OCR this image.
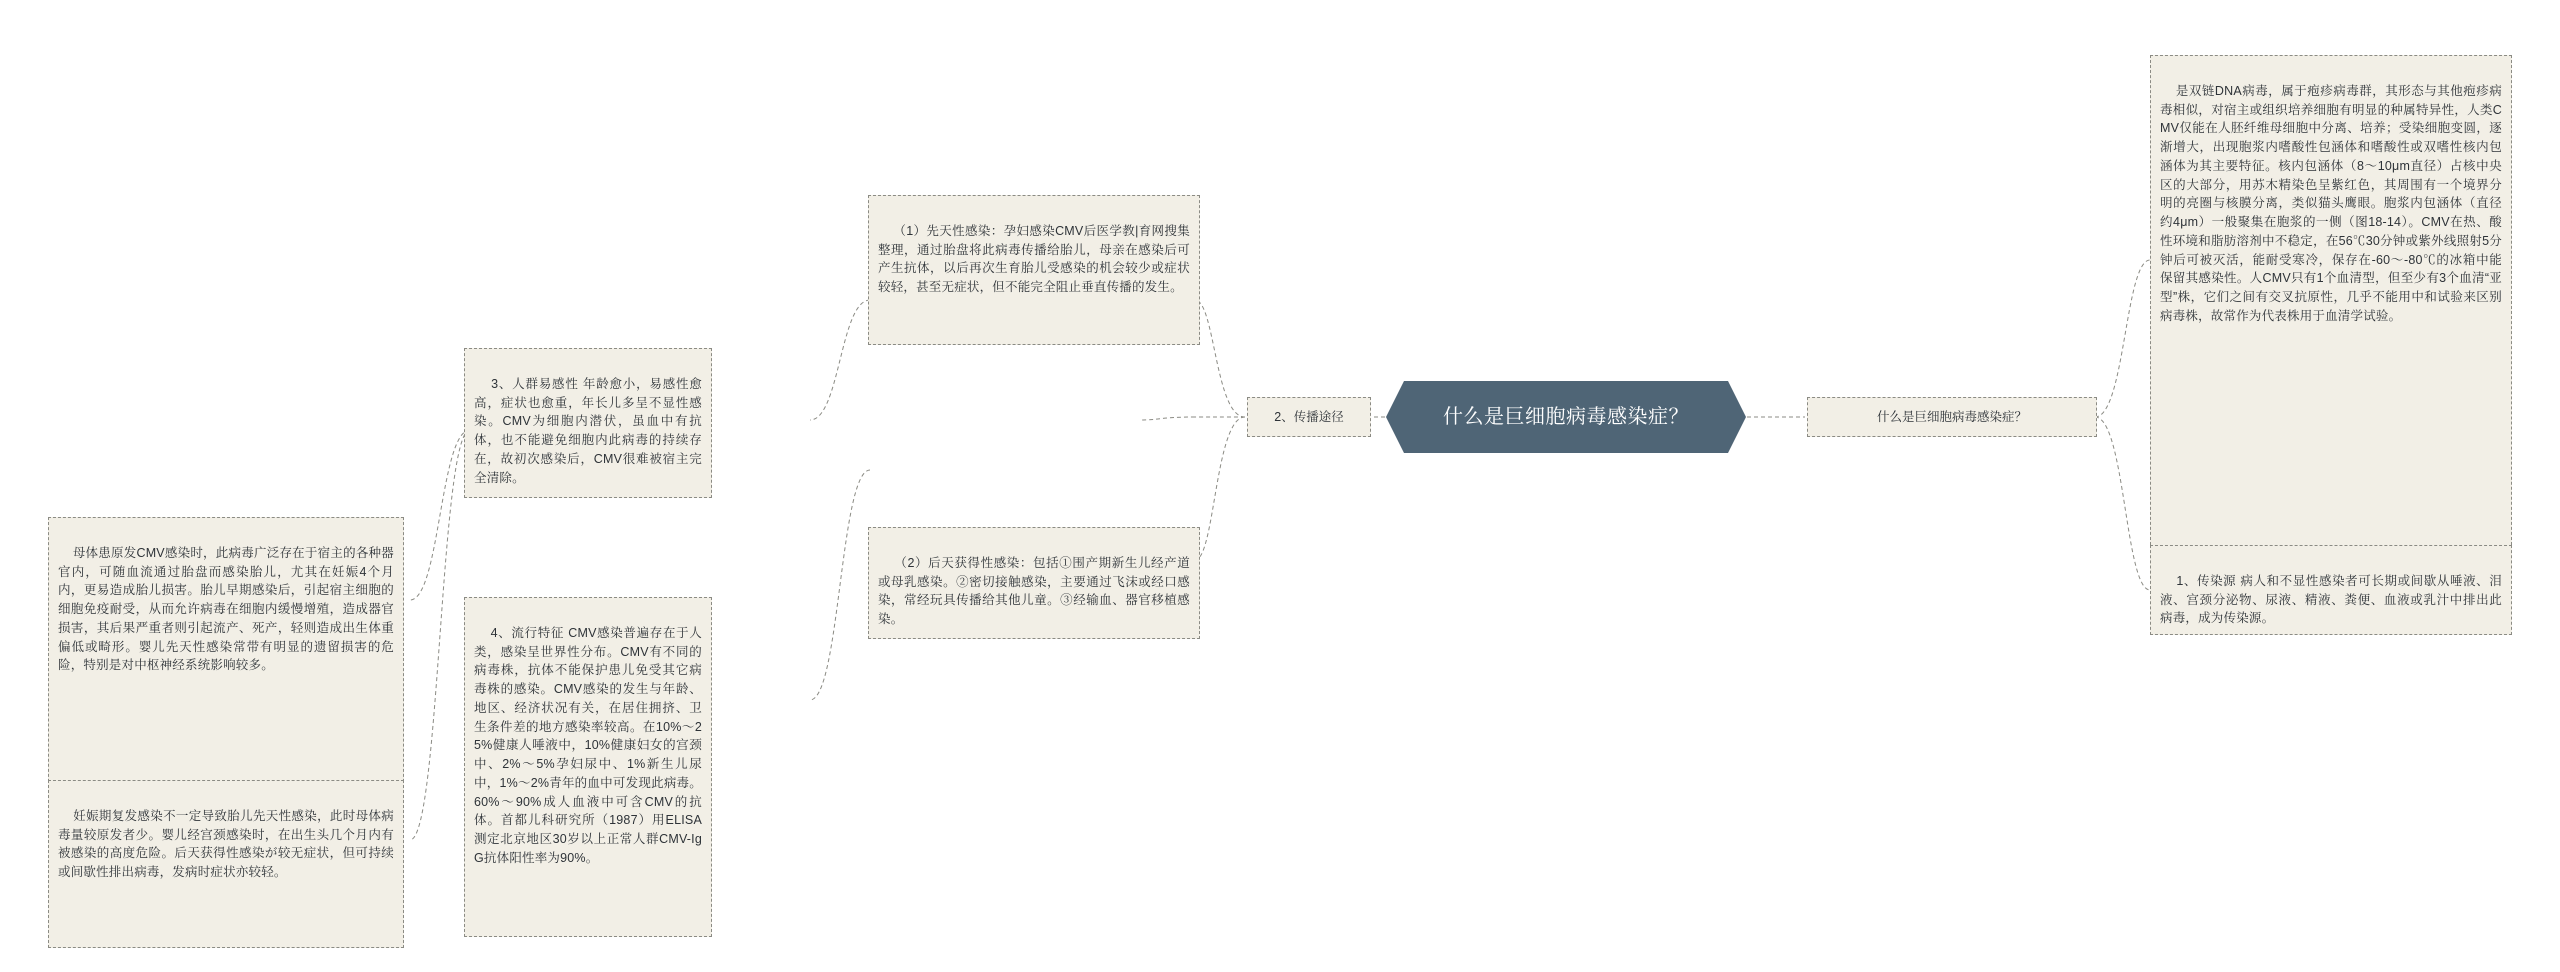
什么是巨细胞病毒感染症？
2、传播途径	什么是巨细胞病毒感染症？

（1）先天性感染：孕妇感染CMV后医学教|育网搜集整理，通过胎盘将此病毒传播给胎儿，母亲在感染后可产生抗体，以后再次生育胎儿受感染的机会较少或症状较轻，甚至无症状，但不能完全阻止垂直传播的发生。

3、人群易感性 年龄愈小，易感性愈高，症状也愈重，年长儿多呈不显性感染。CMV为细胞内潜伏，虽血中有抗体，也不能避免细胞内此病毒的持续存在，故初次感染后，CMV很难被宿主完全清除。

（2）后天获得性感染：包括①围产期新生儿经产道或母乳感染。②密切接触感染，主要通过飞沫或经口感染，常经玩具传播给其他儿童。③经输血、器官移植感染。

4、流行特征 CMV感染普遍存在于人类，感染呈世界性分布。CMV有不同的病毒株，抗体不能保护患儿免受其它病毒株的感染。CMV感染的发生与年龄、地区、经济状况有关，在居住拥挤、卫生条件差的地方感染率较高。在10%～25%健康人唾液中，10%健康妇女的宫颈中、2%～5%孕妇尿中、1%新生儿尿中，1%～2%青年的血中可发现此病毒。60%～90%成人血液中可含CMV的抗体。首都儿科研究所（1987）用ELISA测定北京地区30岁以上正常人群CMV-IgG抗体阳性率为90%。

母体患原发CMV感染时，此病毒广泛存在于宿主的各种器官内，可随血流通过胎盘而感染胎儿，尤其在妊娠4个月内，更易造成胎儿损害。胎儿早期感染后，引起宿主细胞的细胞免疫耐受，从而允许病毒在细胞内缓慢增殖，造成器官损害，其后果严重者则引起流产、死产，轻则造成出生体重偏低或畸形。婴儿先天性感染常带有明显的遗留损害的危险，特别是对中枢神经系统影响较多。

妊娠期复发感染不一定导致胎儿先天性感染，此时母体病毒量较原发者少。婴儿经宫颈感染时，在出生头几个月内有被感染的高度危险。后天获得性感染が较无症状，但可持续或间歇性排出病毒，发病时症状亦较轻。

是双链DNA病毒，属于疱疹病毒群，其形态与其他疱疹病毒相似，对宿主或组织培养细胞有明显的种属特异性，人类CMV仅能在人胚纤维母细胞中分离、培养；受染细胞变圆，逐渐增大，出现胞浆内嗜酸性包涵体和嗜酸性或双嗜性核内包涵体为其主要特征。核内包涵体（8～10μm直径）占核中央区的大部分，用苏木精染色呈紫红色，其周围有一个境界分明的亮圈与核膜分离，类似猫头鹰眼。胞浆内包涵体（直径约4μm）一般聚集在胞浆的一侧（图18-14）。CMV在热、酸性环境和脂肪溶剂中不稳定，在56℃30分钟或紫外线照射5分钟后可被灭活，能耐受寒冷，保存在-60～-80℃的冰箱中能保留其感染性。人CMV只有1个血清型，但至少有3个血清“亚型”株，它们之间有交叉抗原性，几乎不能用中和试验来区别病毒株，故常作为代表株用于血清学试验。

1、传染源 病人和不显性感染者可长期或间歇从唾液、泪液、宫颈分泌物、尿液、精液、粪便、血液或乳汁中排出此病毒，成为传染源。
